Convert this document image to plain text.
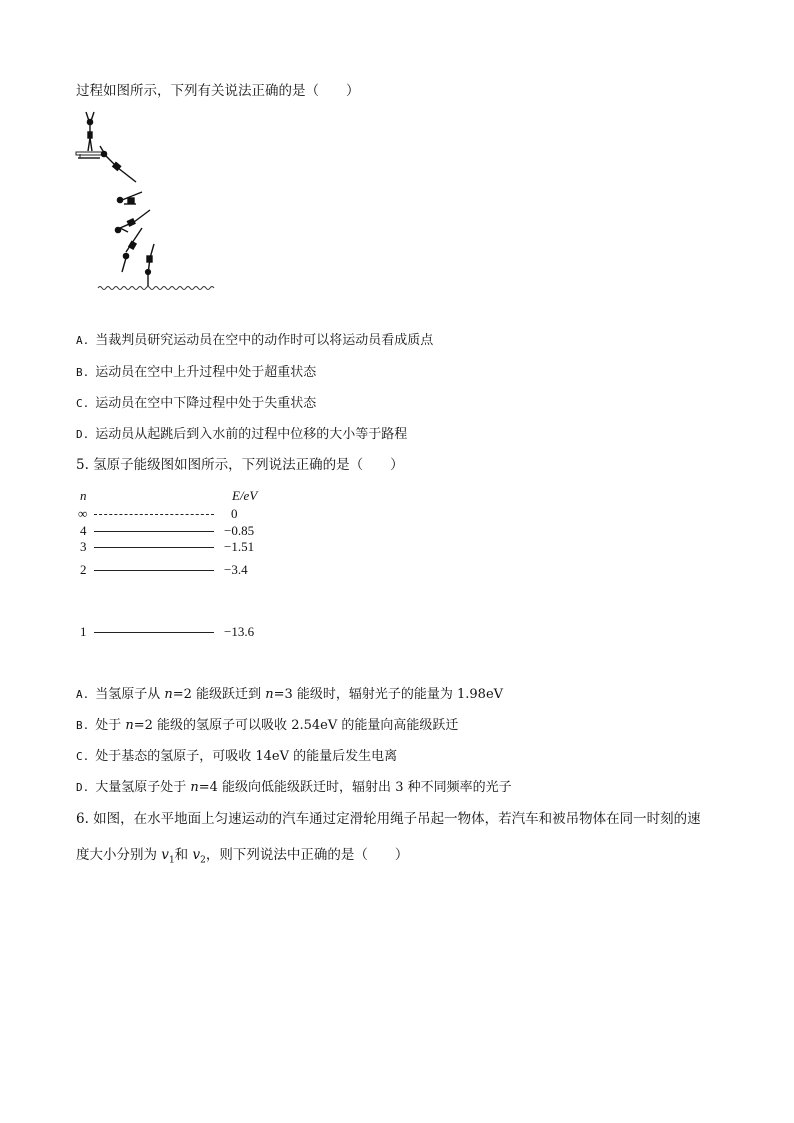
过程如图所示，下列有关说法正确的是（　　）
A. 当裁判员研究运动员在空中的动作时可以将运动员看成质点
B. 运动员在空中上升过程中处于超重状态
C. 运动员在空中下降过程中处于失重状态
D. 运动员从起跳后到入水前的过程中位移的大小等于路程
5. 氢原子能级图如图所示，下列说法正确的是（　　）
n	E/eV
∞	0
4	−0.85
3	−1.51
2	−3.4
1	−13.6
A. 当氢原子从 n=2 能级跃迁到 n=3 能级时，辐射光子的能量为 1.98eV
B. 处于 n=2 能级的氢原子可以吸收 2.54eV 的能量向高能级跃迁
C. 处于基态的氢原子，可吸收 14eV 的能量后发生电离
D. 大量氢原子处于 n=4 能级向低能级跃迁时，辐射出 3 种不同频率的光子
6. 如图，在水平地面上匀速运动的汽车通过定滑轮用绳子吊起一物体，若汽车和被吊物体在同一时刻的速
度大小分别为 $v_1$和 $v_2$，则下列说法中正确的是（　　）
